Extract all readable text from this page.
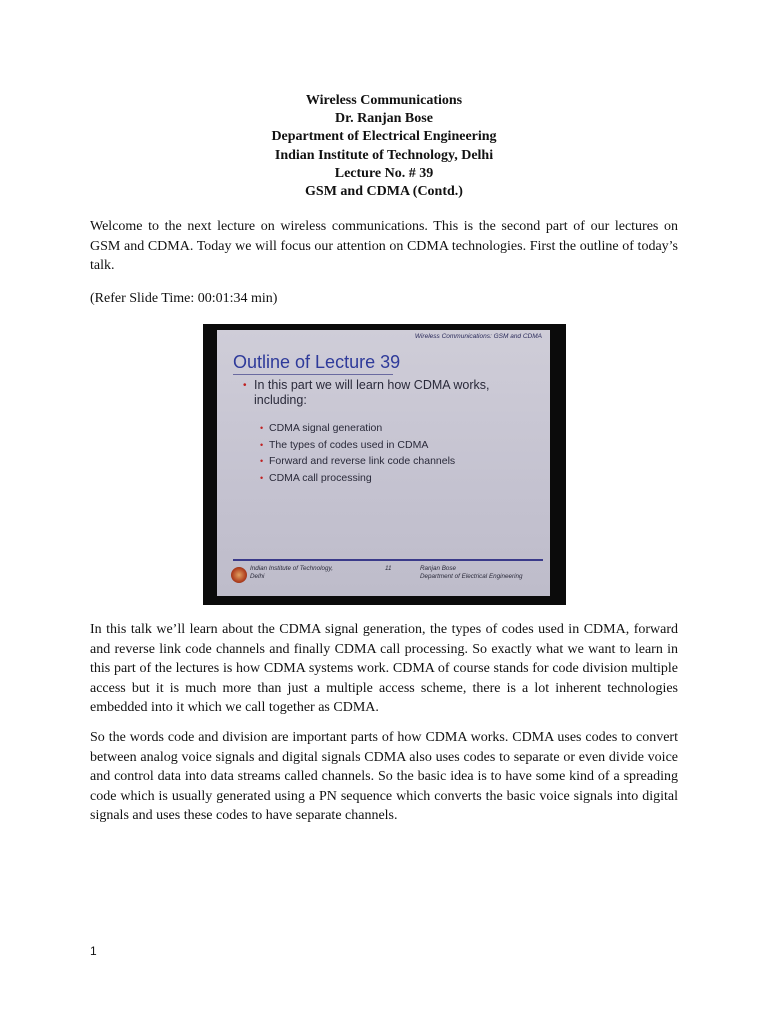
Wireless Communications
Dr. Ranjan Bose
Department of Electrical Engineering
Indian Institute of Technology, Delhi
Lecture No. # 39
GSM and CDMA (Contd.)

Welcome to the next lecture on wireless communications. This is the second part of our lectures on GSM and CDMA. Today we will focus our attention on CDMA technologies. First the outline of today’s talk.

(Refer Slide Time: 00:01:34 min)

Wireless Communications: GSM and CDMA
Outline of Lecture 39
• In this part we will learn how CDMA works, including:
• CDMA signal generation
• The types of codes used in CDMA
• Forward and reverse link code channels
• CDMA call processing
Indian Institute of Technology,
Delhi
11	Ranjan Bose
Department of Electrical Engineering

In this talk we’ll learn about the CDMA signal generation, the types of codes used in CDMA, forward and reverse link code channels and finally CDMA call processing. So exactly what we want to learn in this part of the lectures is how CDMA systems work. CDMA of course stands for code division multiple access but it is much more than just a multiple access scheme, there is a lot inherent technologies embedded into it which we call together as CDMA.

So the words code and division are important parts of how CDMA works. CDMA uses codes to convert between analog voice signals and digital signals CDMA also uses codes to separate or even divide voice and control data into data streams called channels. So the basic idea is to have some kind of a spreading code which is usually generated using a PN sequence which converts the basic voice signals into digital signals and uses these codes to have separate channels.

1
